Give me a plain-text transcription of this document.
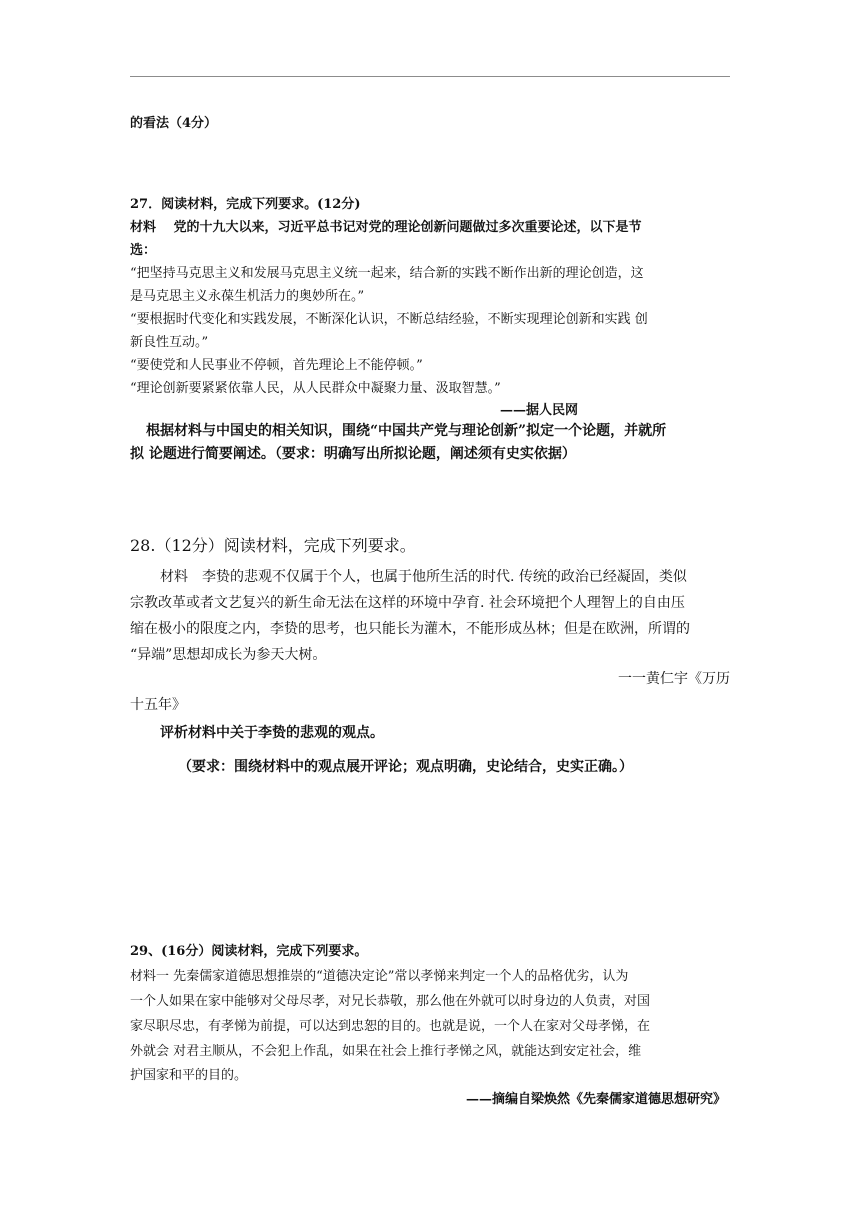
的看法（4分）
27．阅读材料，完成下列要求。(12分)
材料　 党的十九大以来，习近平总书记对党的理论创新问题做过多次重要论述，以下是节
选：
“把坚持马克思主义和发展马克思主义统一起来，结合新的实践不断作出新的理论创造，这
是马克思主义永葆生机活力的奥妙所在。”
“要根据时代变化和实践发展，不断深化认识，不断总结经验，不断实现理论创新和实践 创
新良性互动。”
“要使党和人民事业不停顿，首先理论上不能停顿。”
“理论创新要紧紧依靠人民，从人民群众中凝聚力量、汲取智慧。”
——据人民网
根据材料与中国史的相关知识，围绕“中国共产党与理论创新”拟定一个论题，并就所
拟 论题进行简要阐述。（要求：明确写出所拟论题，阐述须有史实依据）
28.（12分）阅读材料，完成下列要求。
材料　李贽的悲观不仅属于个人，也属于他所生活的时代. 传统的政治已经凝固，类似
宗教改革或者文艺复兴的新生命无法在这样的环境中孕育. 社会环境把个人理智上的自由压
缩在极小的限度之内，李贽的思考，也只能长为灌木，不能形成丛林；但是在欧洲，所谓的
“异端”思想却成长为参天大树。
一一黄仁宇《万历
十五年》
评析材料中关于李贽的悲观的观点。
（要求：围绕材料中的观点展开评论；观点明确，史论结合，史实正确。）
29、(16分）阅读材料，完成下列要求。
材料一 先秦儒家道德思想推崇的“道德决定论”常以孝悌来判定一个人的品格优劣，认为
一个人如果在家中能够对父母尽孝，对兄长恭敬，那么他在外就可以时身边的人负责，对国
家尽职尽忠，有孝悌为前提，可以达到忠恕的目的。也就是说，一个人在家对父母孝悌，在
外就会 对君主顺从，不会犯上作乱，如果在社会上推行孝悌之风，就能达到安定社会，维
护国家和平的目的。
——摘编自梁焕然《先秦儒家道德思想研究》
